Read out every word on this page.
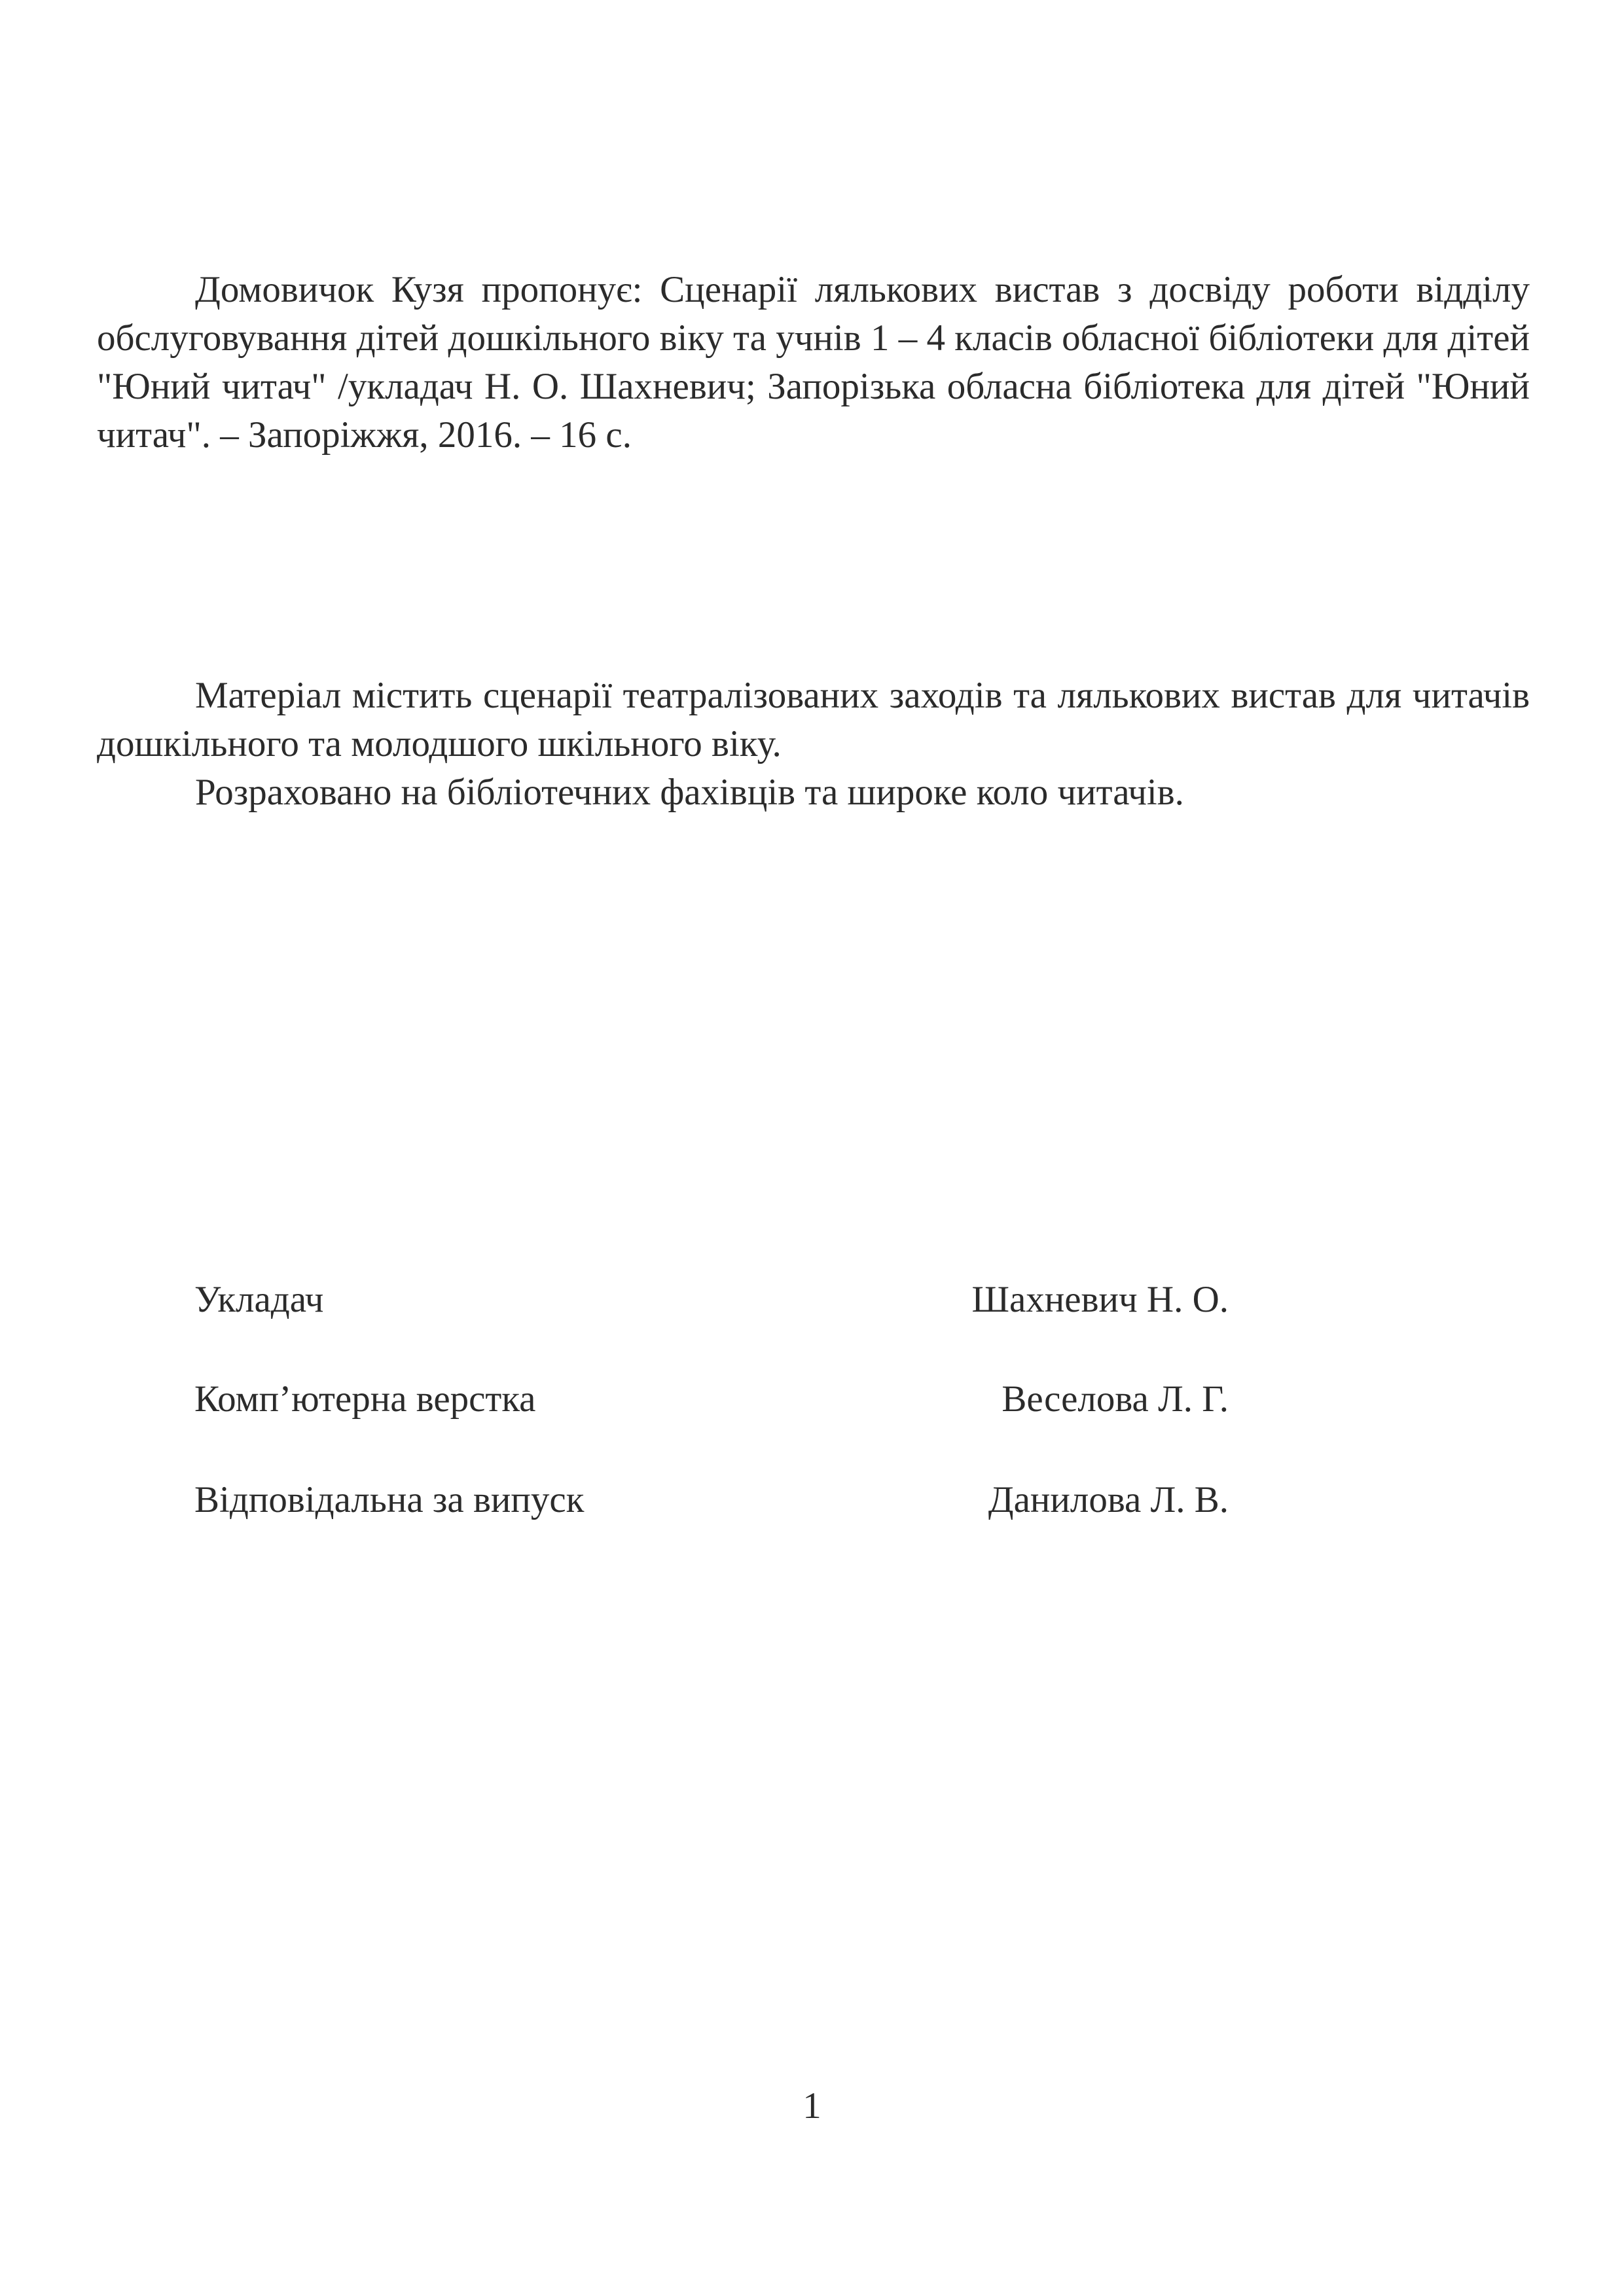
Домовичок Кузя пропонує: Сценарії лялькових вистав з досвіду роботи відділу обслуговування дітей дошкільного віку та учнів 1 – 4 класів обласної бібліотеки для дітей "Юний читач" /укладач Н. О. Шахневич; Запорізька обласна бібліотека для дітей "Юний читач". – Запоріжжя, 2016. – 16 с.

Матеріал містить сценарії театралізованих заходів та лялькових вистав для читачів дошкільного та молодшого шкільного віку.

Розраховано на бібліотечних фахівців та широке коло читачів.

Укладач	Шахневич Н. О.
Комп’ютерна верстка	Веселова Л. Г.
Відповідальна за випуск	Данилова Л. В.
1
